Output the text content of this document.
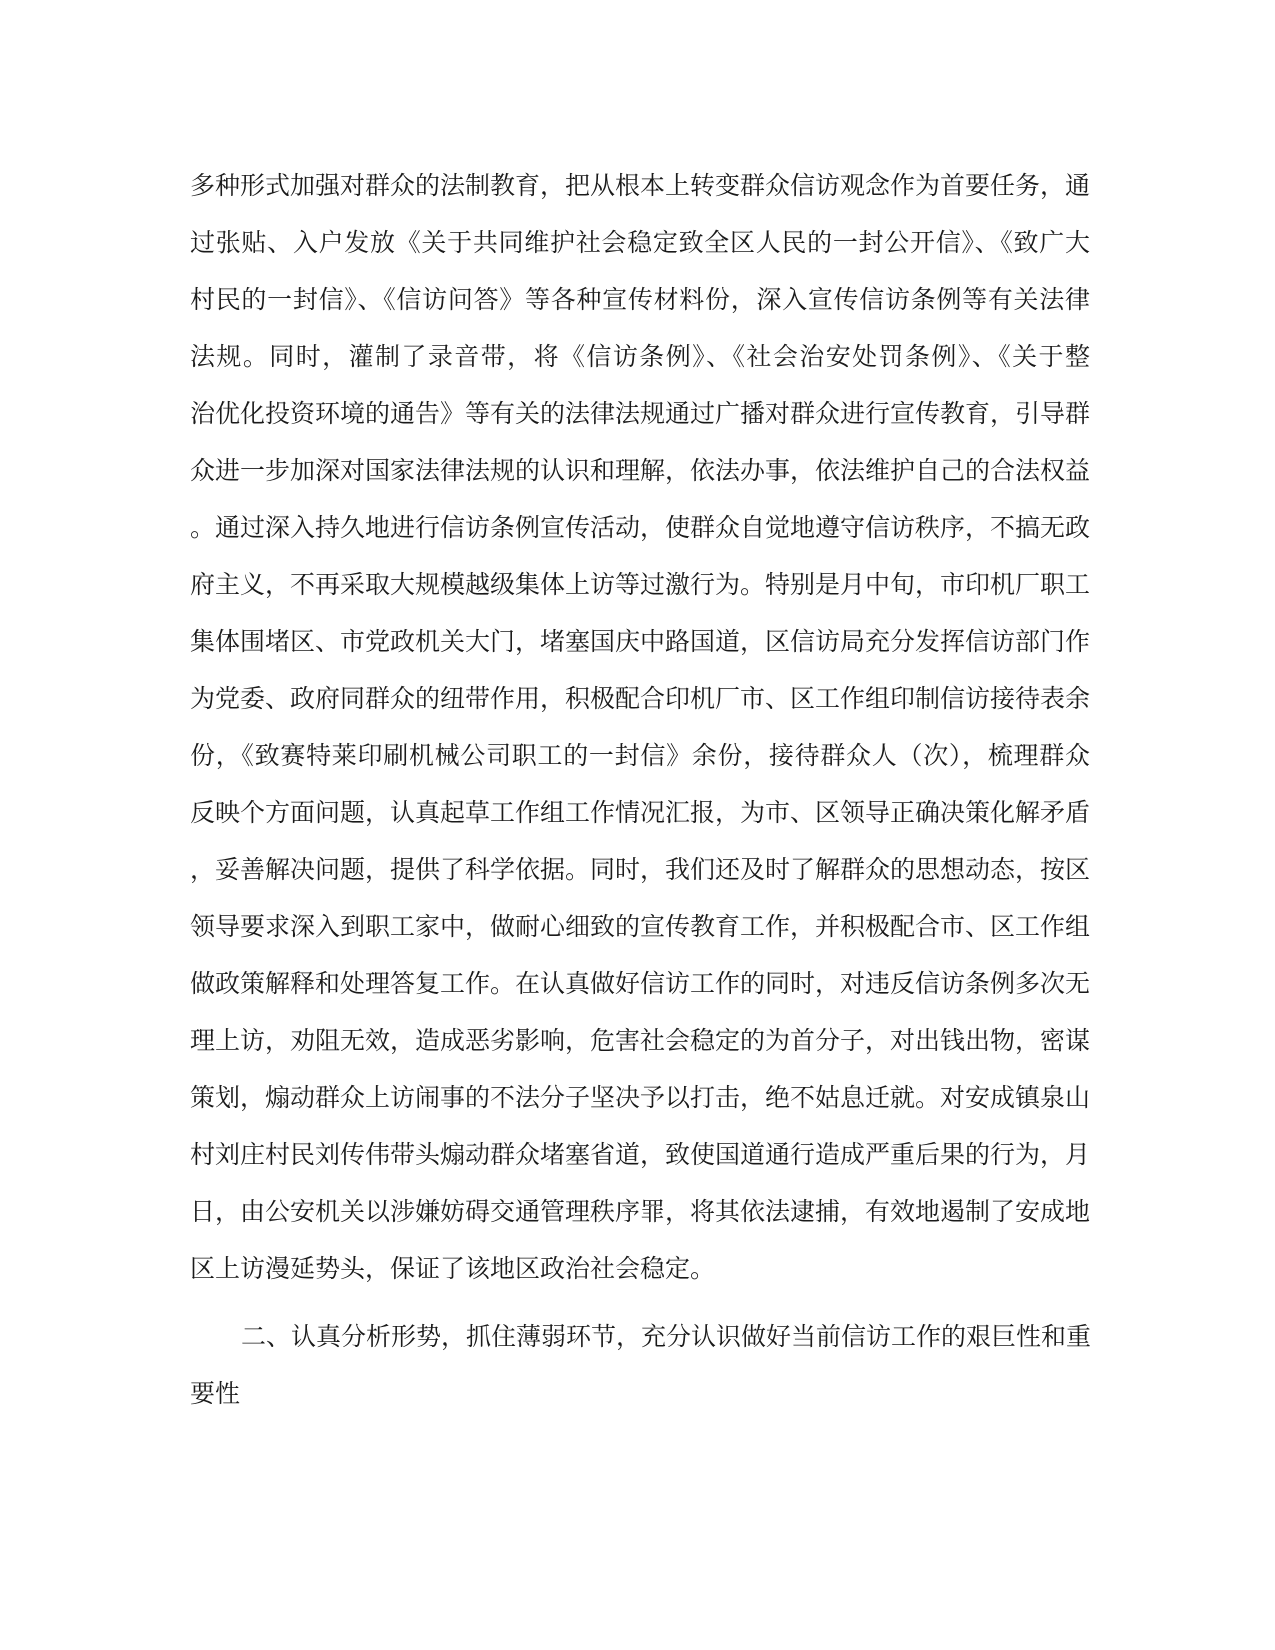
多种形式加强对群众的法制教育，把从根本上转变群众信访观念作为首要任务，通
过张贴、入户发放《关于共同维护社会稳定致全区人民的一封公开信》、《致广大
村民的一封信》、《信访问答》等各种宣传材料份，深入宣传信访条例等有关法律
法规。同时，灌制了录音带，将《信访条例》、《社会治安处罚条例》、《关于整
治优化投资环境的通告》等有关的法律法规通过广播对群众进行宣传教育，引导群
众进一步加深对国家法律法规的认识和理解，依法办事，依法维护自己的合法权益
。通过深入持久地进行信访条例宣传活动，使群众自觉地遵守信访秩序，不搞无政
府主义，不再采取大规模越级集体上访等过激行为。特别是月中旬，市印机厂职工
集体围堵区、市党政机关大门，堵塞国庆中路国道，区信访局充分发挥信访部门作
为党委、政府同群众的纽带作用，积极配合印机厂市、区工作组印制信访接待表余
份，《致赛特莱印刷机械公司职工的一封信》余份，接待群众人（次），梳理群众
反映个方面问题，认真起草工作组工作情况汇报，为市、区领导正确决策化解矛盾
，妥善解决问题，提供了科学依据。同时，我们还及时了解群众的思想动态，按区
领导要求深入到职工家中，做耐心细致的宣传教育工作，并积极配合市、区工作组
做政策解释和处理答复工作。在认真做好信访工作的同时，对违反信访条例多次无
理上访，劝阻无效，造成恶劣影响，危害社会稳定的为首分子，对出钱出物，密谋
策划，煽动群众上访闹事的不法分子坚决予以打击，绝不姑息迁就。对安成镇泉山
村刘庄村民刘传伟带头煽动群众堵塞省道，致使国道通行造成严重后果的行为，月
日，由公安机关以涉嫌妨碍交通管理秩序罪，将其依法逮捕，有效地遏制了安成地
区上访漫延势头，保证了该地区政治社会稳定。
二、认真分析形势，抓住薄弱环节，充分认识做好当前信访工作的艰巨性和重
要性
